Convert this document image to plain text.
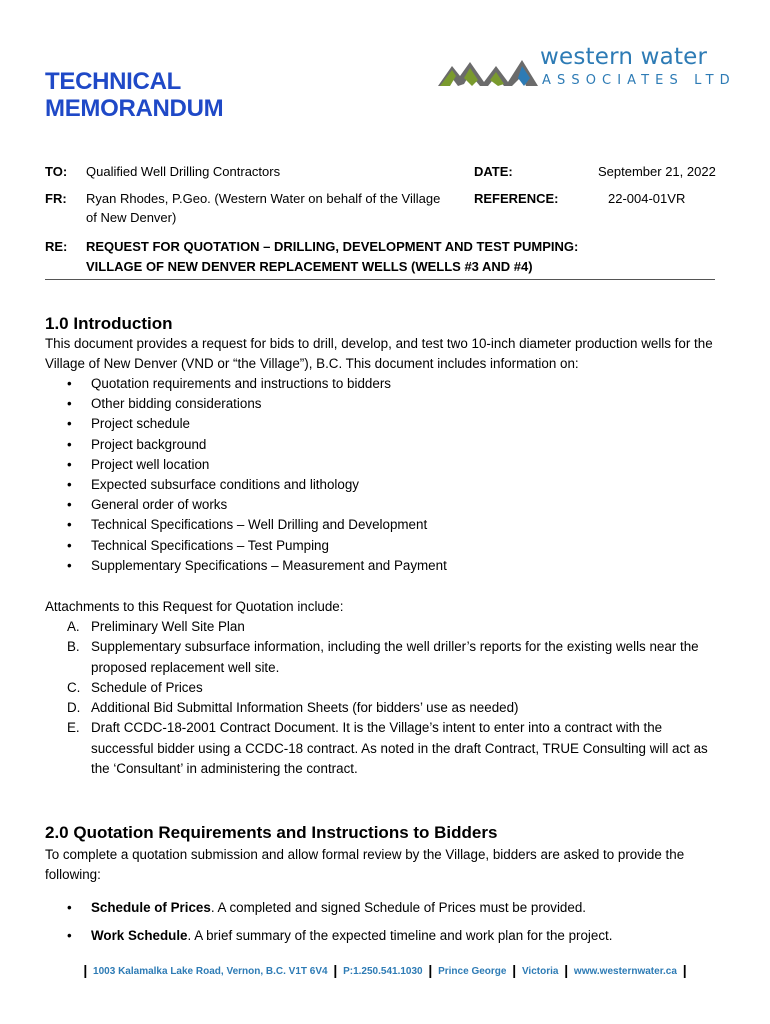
TECHNICAL
MEMORANDUM
western water
ASSOCIATES LTD
TO: Qualified Well Drilling Contractors	DATE:	September 21, 2022
FR: Ryan Rhodes, P.Geo. (Western Water on behalf of the Village
of New Denver)
REFERENCE:	22-004-01VR
RE: REQUEST FOR QUOTATION – DRILLING, DEVELOPMENT AND TEST PUMPING:
VILLAGE OF NEW DENVER REPLACEMENT WELLS (WELLS #3 AND #4)
1.0 Introduction

This document provides a request for bids to drill, develop, and test two 10-inch diameter production wells for the Village of New Denver (VND or “the Village”), B.C. This document includes information on:

• Quotation requirements and instructions to bidders
• Other bidding considerations
• Project schedule
• Project background
• Project well location
• Expected subsurface conditions and lithology
• General order of works
• Technical Specifications – Well Drilling and Development
• Technical Specifications – Test Pumping
• Supplementary Specifications – Measurement and Payment

Attachments to this Request for Quotation include:

A. Preliminary Well Site Plan
B. Supplementary subsurface information, including the well driller’s reports for the existing wells near the proposed replacement well site.
C. Schedule of Prices
D. Additional Bid Submittal Information Sheets (for bidders’ use as needed)
E. Draft CCDC-18-2001 Contract Document. It is the Village’s intent to enter into a contract with the successful bidder using a CCDC-18 contract. As noted in the draft Contract, TRUE Consulting will act as the ‘Consultant’ in administering the contract.
2.0 Quotation Requirements and Instructions to Bidders

To complete a quotation submission and allow formal review by the Village, bidders are asked to provide the following:

• Schedule of Prices. A completed and signed Schedule of Prices must be provided.
• Work Schedule. A brief summary of the expected timeline and work plan for the project.
| 1003 Kalamalka Lake Road, Vernon, B.C. V1T 6V4 | P:1.250.541.1030 | Prince George | Victoria | www.westernwater.ca |
